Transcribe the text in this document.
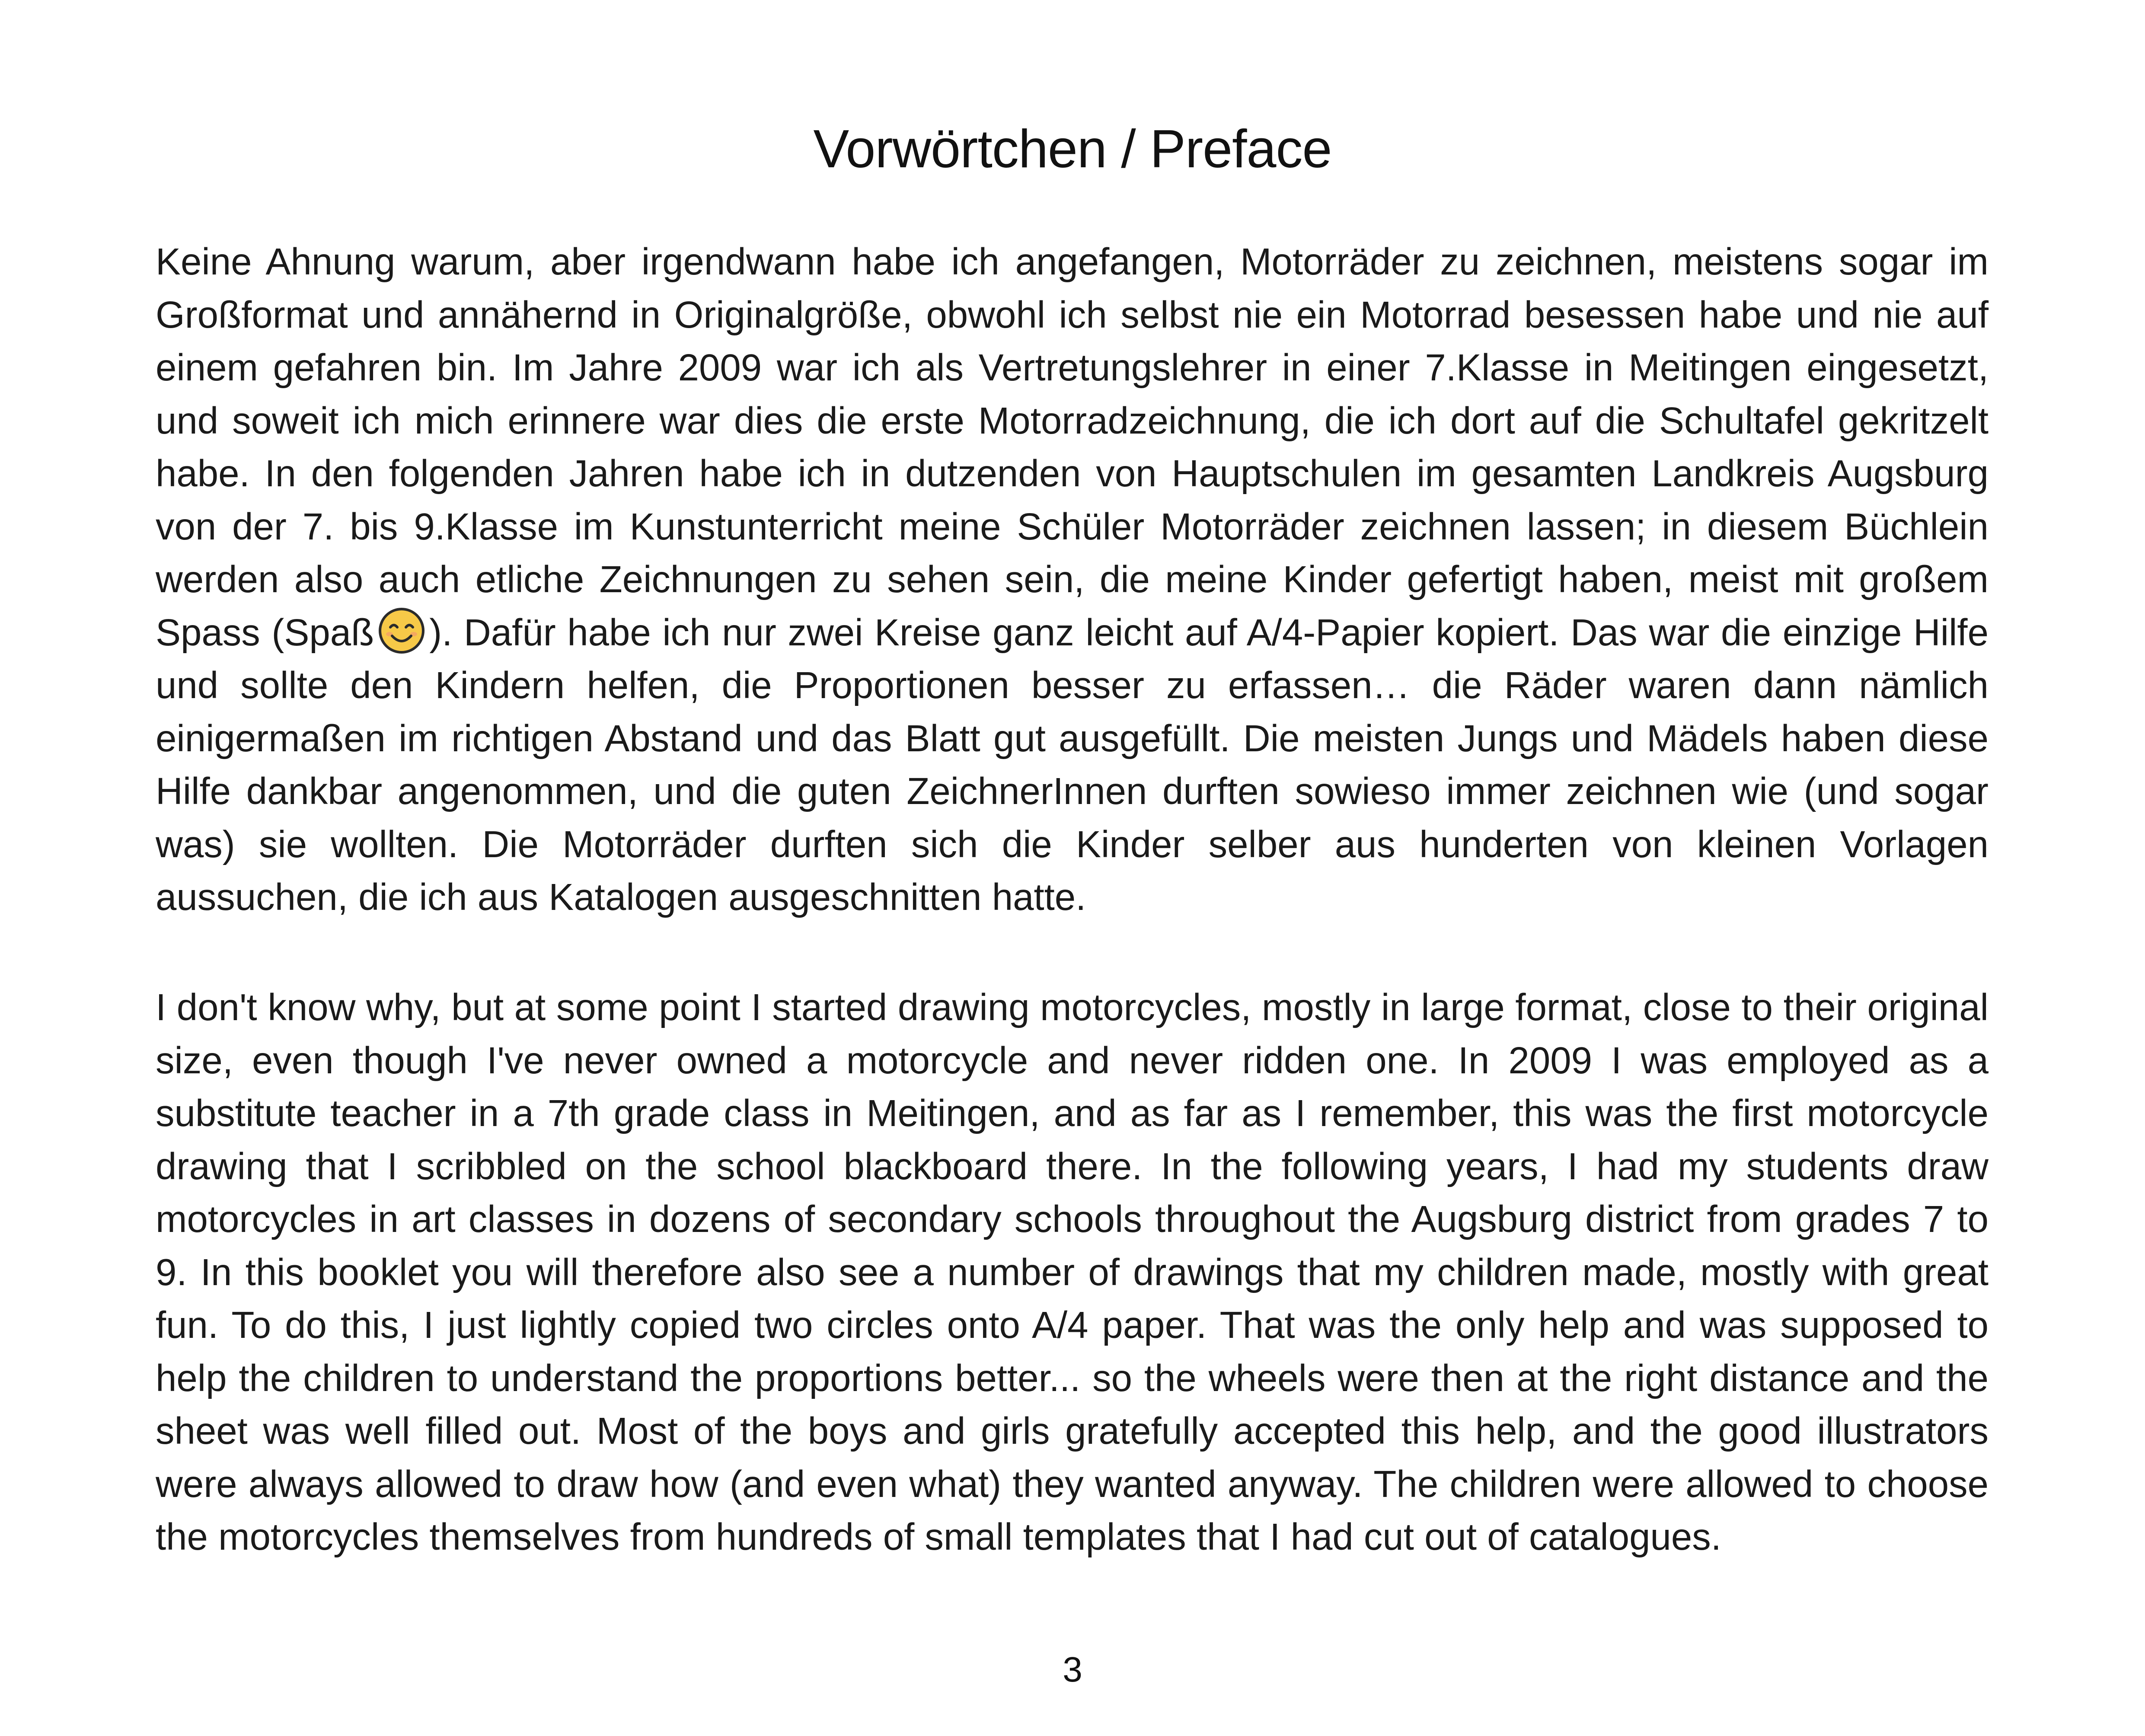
Vorwörtchen / Preface

Keine Ahnung warum, aber irgendwann habe ich angefangen, Motorräder zu zeichnen, meistens sogar im Großformat und annähernd in Originalgröße, obwohl ich selbst nie ein Motorrad besessen habe und nie auf einem gefahren bin. Im Jahre 2009 war ich als Vertretungslehrer in einer 7.Klasse in Meitingen eingesetzt, und soweit ich mich erinnere war dies die erste Motorradzeichnung, die ich dort auf die Schultafel gekritzelt habe. In den folgenden Jahren habe ich in dutzenden von Hauptschulen im gesamten Landkreis Augsburg von der 7. bis 9.Klasse im Kunstunterricht meine Schüler Motorräder zeichnen lassen; in diesem Büchlein werden also auch etliche Zeichnungen zu sehen sein, die meine Kinder gefertigt haben, meist mit großem Spass (Spaß ). Dafür habe ich nur zwei Kreise ganz leicht auf A/4-Papier kopiert. Das war die einzige Hilfe und sollte den Kindern helfen, die Proportionen besser zu erfassen… die Räder waren dann nämlich einigermaßen im richtigen Abstand und das Blatt gut ausgefüllt. Die meisten Jungs und Mädels haben diese Hilfe dankbar angenommen, und die guten ZeichnerInnen durften sowieso immer zeichnen wie (und sogar was) sie wollten. Die Motorräder durften sich die Kinder selber aus hunderten von kleinen Vorlagen aussuchen, die ich aus Katalogen ausgeschnitten hatte.

I don't know why, but at some point I started drawing motorcycles, mostly in large format, close to their original size, even though I've never owned a motorcycle and never ridden one. In 2009 I was employed as a substitute teacher in a 7th grade class in Meitingen, and as far as I remember, this was the first motorcycle drawing that I scribbled on the school blackboard there. In the following years, I had my students draw motorcycles in art classes in dozens of secondary schools throughout the Augsburg district from grades 7 to 9. In this booklet you will therefore also see a number of drawings that my children made, mostly with great fun. To do this, I just lightly copied two circles onto A/4 paper. That was the only help and was supposed to help the children to understand the proportions better... so the wheels were then at the right distance and the sheet was well filled out. Most of the boys and girls gratefully accepted this help, and the good illustrators were always allowed to draw how (and even what) they wanted anyway. The children were allowed to choose the motorcycles themselves from hundreds of small templates that I had cut out of catalogues.

3
